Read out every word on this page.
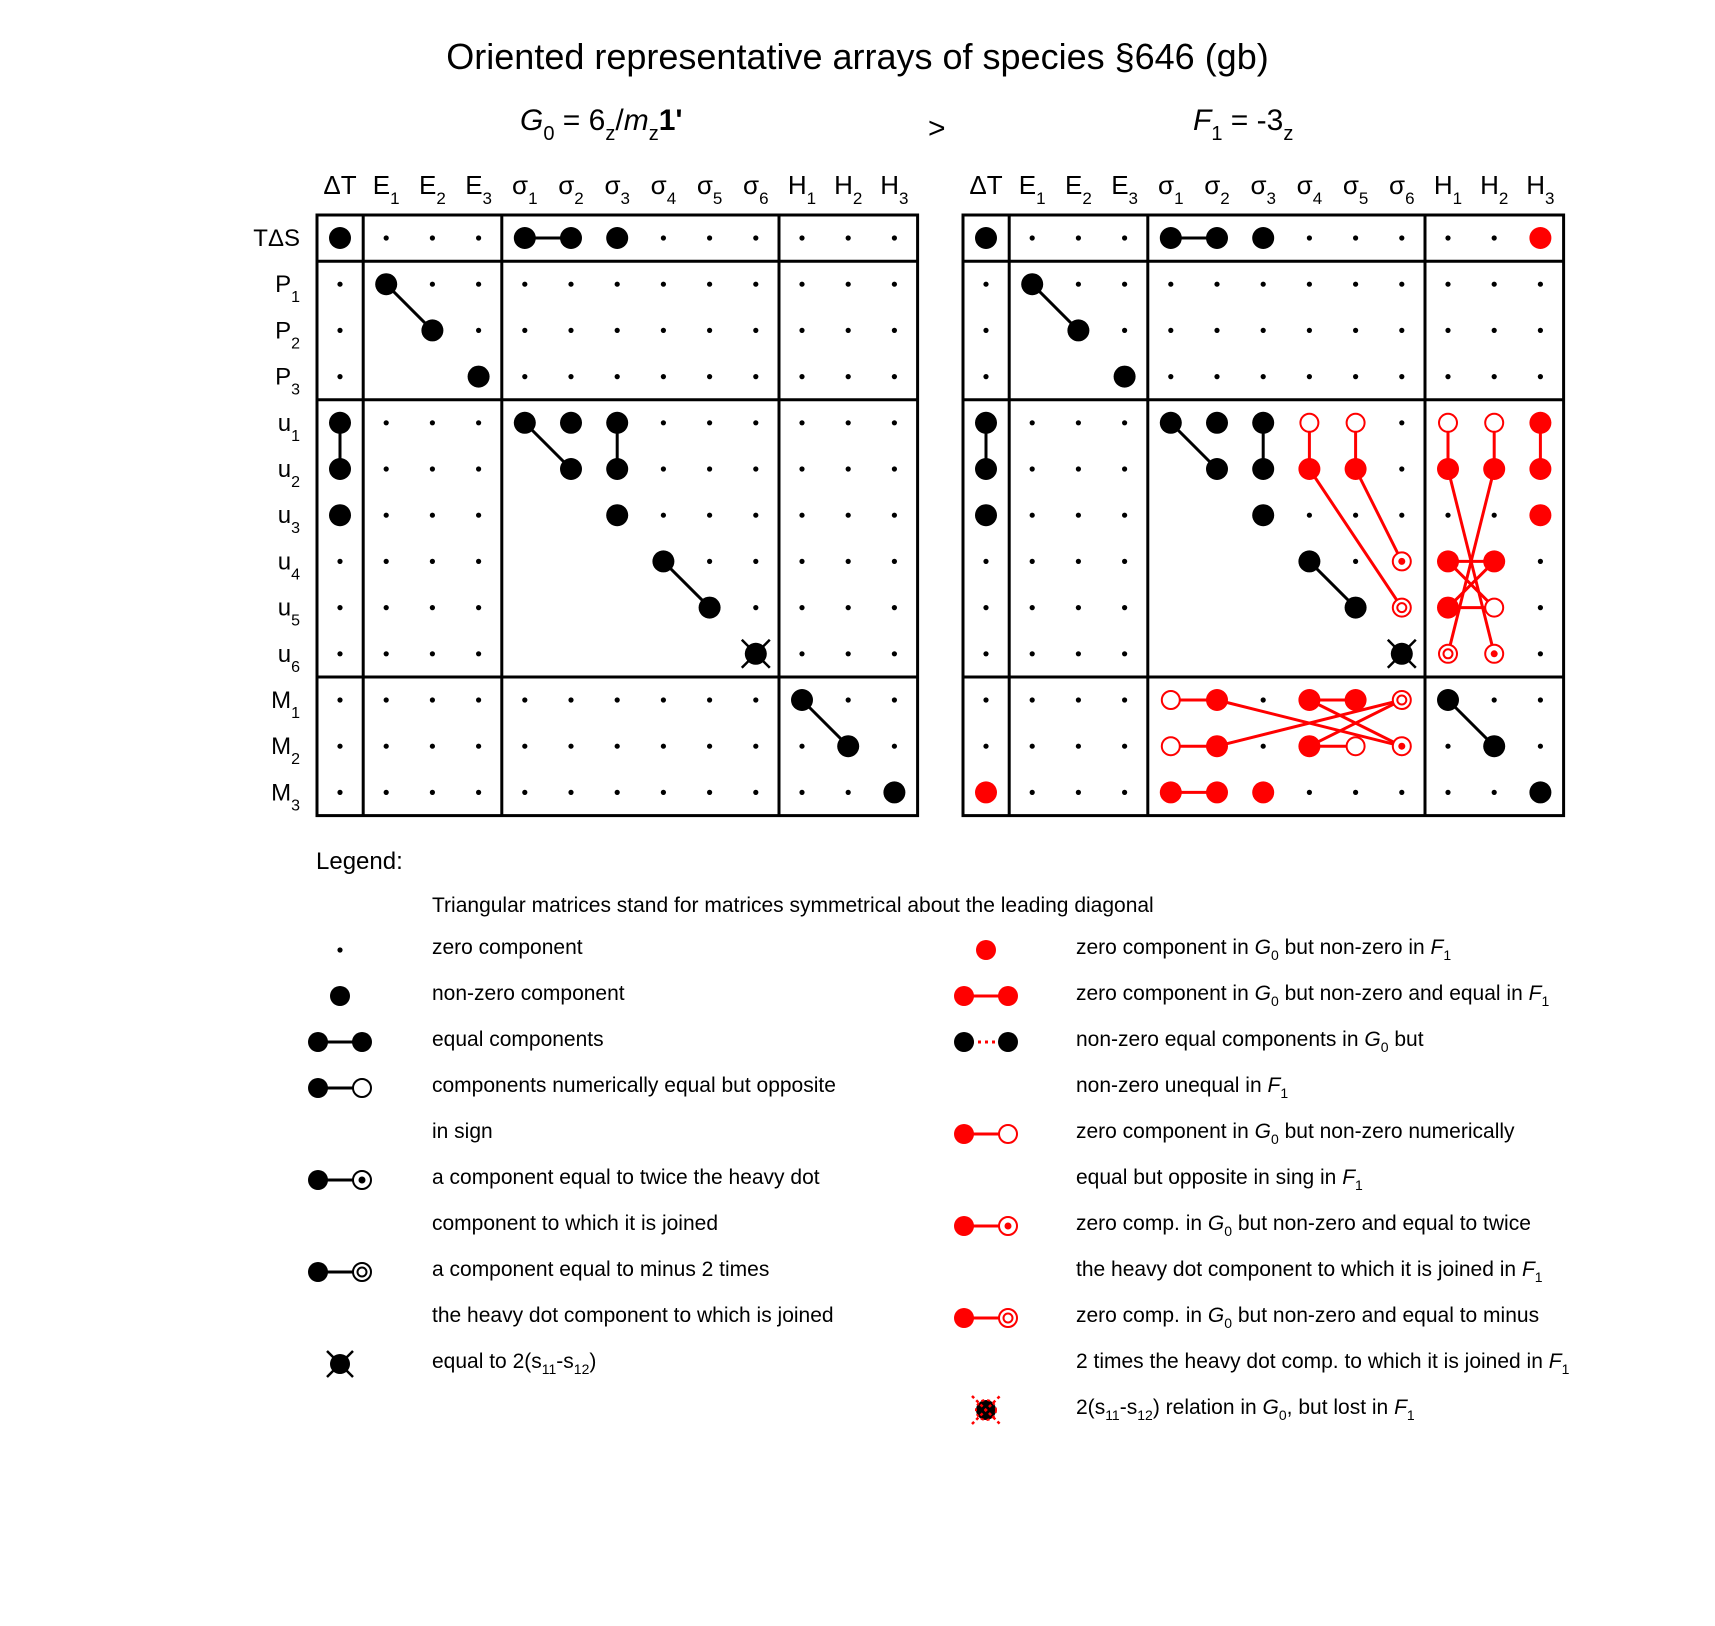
Oriented representative arrays of species §646 (gb)
$G_0 = 6_z/m_z1'$	>	$F_1 = -3_z$
ΔT $E_1$ $E_2$ $E_3$ $\sigma_1$ $\sigma_2$ $\sigma_3$ $\sigma_4$ $\sigma_5$ $\sigma_6$ $H_1$ $H_2$ $H_3$ ΔT $E_1$ $E_2$ $E_3$ $\sigma_1$ $\sigma_2$ $\sigma_3$ $\sigma_4$ $\sigma_5$ $\sigma_6$ $H_1$ $H_2$ $H_3$
TΔS
$P_1$
$P_2$
$P_3$
$u_1$
$u_2$
$u_3$
$u_4$
$u_5$
$u_6$
$M_1$
$M_2$
$M_3$
Legend:
Triangular matrices stand for matrices symmetrical about the leading diagonal
zero component
non-zero component
equal components
components numerically equal but opposite
in sign
a component equal to twice the heavy dot
component to which it is joined
a component equal to minus 2 times
the heavy dot component to which is joined
equal to $2(s_{11}-s_{12})$
zero component in $G_0$ but non-zero in $F_1$
zero component in $G_0$ but non-zero and equal in $F_1$
non-zero equal components in $G_0$ but
non-zero unequal in $F_1$
zero component in $G_0$ but non-zero numerically
equal but opposite in sing in $F_1$
zero comp. in $G_0$ but non-zero and equal to twice
the heavy dot component to which it is joined in $F_1$
zero comp. in $G_0$ but non-zero and equal to minus
2 times the heavy dot comp. to which it is joined in $F_1$
$2(s_{11}-s_{12})$ relation in $G_0$, but lost in $F_1$
